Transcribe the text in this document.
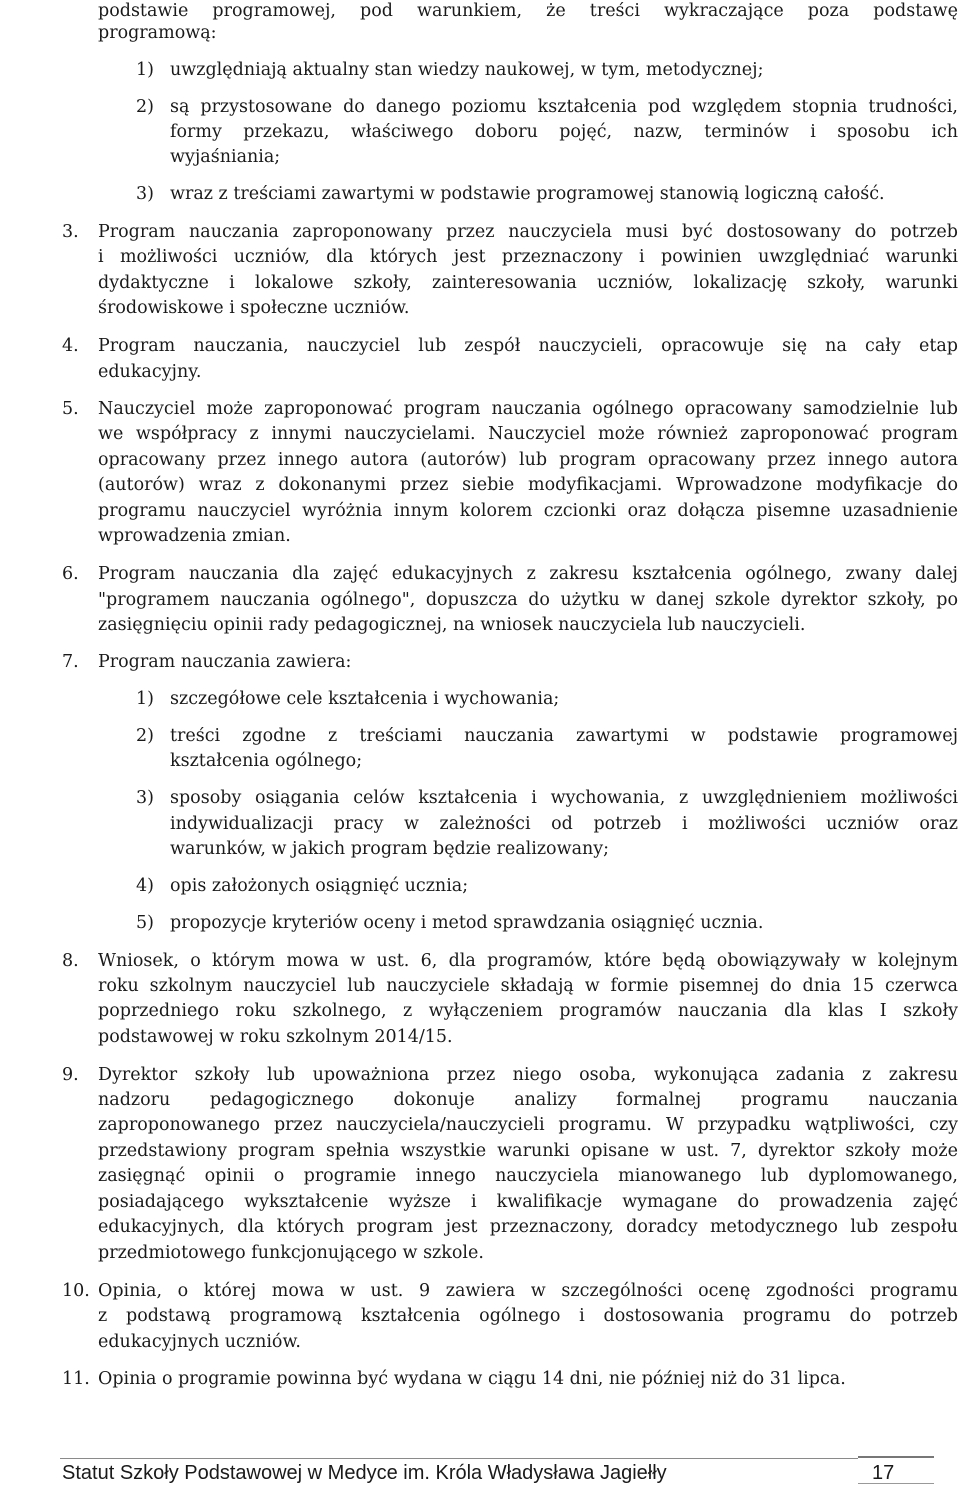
podstawie programowej, pod warunkiem, że treści wykraczające poza podstawę
programową:
uwzględniają aktualny stan wiedzy naukowej, w tym, metodycznej;
1)
są przystosowane do danego poziomu kształcenia pod względem stopnia trudności,
2)
formy przekazu, właściwego doboru pojęć, nazw, terminów i sposobu ich
wyjaśniania;
wraz z treściami zawartymi w podstawie programowej stanowią logiczną całość.
3)
Program nauczania zaproponowany przez nauczyciela musi być dostosowany do potrzeb
3.
i możliwości uczniów, dla których jest przeznaczony i powinien uwzględniać warunki
dydaktyczne i lokalowe szkoły, zainteresowania uczniów, lokalizację szkoły, warunki
środowiskowe i społeczne uczniów.
Program nauczania, nauczyciel lub zespół nauczycieli, opracowuje się na cały etap
4.
edukacyjny.
Nauczyciel może zaproponować program nauczania ogólnego opracowany samodzielnie lub
5.
we współpracy z innymi nauczycielami. Nauczyciel może również zaproponować program
opracowany przez innego autora (autorów) lub program opracowany przez innego autora
(autorów) wraz z dokonanymi przez siebie modyfikacjami. Wprowadzone modyfikacje do
programu nauczyciel wyróżnia innym kolorem czcionki oraz dołącza pisemne uzasadnienie
wprowadzenia zmian.
Program nauczania dla zajęć edukacyjnych z zakresu kształcenia ogólnego, zwany dalej
6.
"programem nauczania ogólnego", dopuszcza do użytku w danej szkole dyrektor szkoły, po
zasięgnięciu opinii rady pedagogicznej, na wniosek nauczyciela lub nauczycieli.
Program nauczania zawiera:
7.
szczegółowe cele kształcenia i wychowania;
1)
treści zgodne z treściami nauczania zawartymi w podstawie programowej
2)
kształcenia ogólnego;
sposoby osiągania celów kształcenia i wychowania, z uwzględnieniem możliwości
3)
indywidualizacji pracy w zależności od potrzeb i możliwości uczniów oraz
warunków, w jakich program będzie realizowany;
opis założonych osiągnięć ucznia;
4)
propozycje kryteriów oceny i metod sprawdzania osiągnięć ucznia.
5)
Wniosek, o którym mowa w ust. 6, dla programów, które będą obowiązywały w kolejnym
8.
roku szkolnym nauczyciel lub nauczyciele składają w formie pisemnej do dnia 15 czerwca
poprzedniego roku szkolnego, z wyłączeniem programów nauczania dla klas I szkoły
podstawowej w roku szkolnym 2014/15.
Dyrektor szkoły lub upoważniona przez niego osoba, wykonująca zadania z zakresu
9.
nadzoru pedagogicznego dokonuje analizy formalnej programu nauczania
zaproponowanego przez nauczyciela/nauczycieli programu. W przypadku wątpliwości, czy
przedstawiony program spełnia wszystkie warunki opisane w ust. 7, dyrektor szkoły może
zasięgnąć opinii o programie innego nauczyciela mianowanego lub dyplomowanego,
posiadającego wykształcenie wyższe i kwalifikacje wymagane do prowadzenia zajęć
edukacyjnych, dla których program jest przeznaczony, doradcy metodycznego lub zespołu
przedmiotowego funkcjonującego w szkole.
Opinia, o której mowa w ust. 9 zawiera w szczególności ocenę zgodności programu
10.
z podstawą programową kształcenia ogólnego i dostosowania programu do potrzeb
edukacyjnych uczniów.
Opinia o programie powinna być wydana w ciągu 14 dni, nie później niż do 31 lipca.
11.
Statut Szkoły Podstawowej w Medyce im. Króla Władysława Jagiełły	17
